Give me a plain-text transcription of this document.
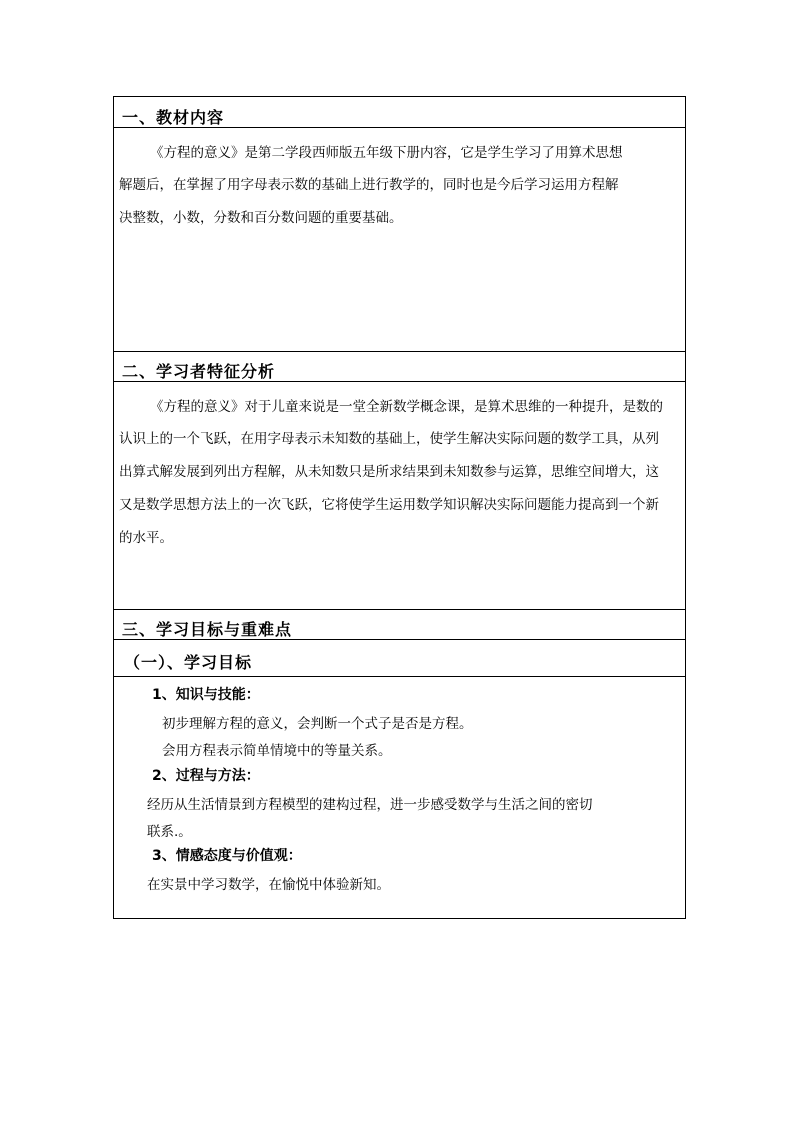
一、教材内容
《方程的意义》是第二学段西师版五年级下册内容，它是学生学习了用算术思想
解题后，在掌握了用字母表示数的基础上进行教学的，同时也是今后学习运用方程解
决整数，小数，分数和百分数问题的重要基础。
二、学习者特征分析
《方程的意义》对于儿童来说是一堂全新数学概念课，是算术思维的一种提升，是数的
认识上的一个飞跃，在用字母表示未知数的基础上，使学生解决实际问题的数学工具，从列
出算式解发展到列出方程解，从未知数只是所求结果到未知数参与运算，思维空间增大，这
又是数学思想方法上的一次飞跃，它将使学生运用数学知识解决实际问题能力提高到一个新
的水平。
三、学习目标与重难点
（一）、学习目标
1、知识与技能：
初步理解方程的意义，会判断一个式子是否是方程。
会用方程表示简单情境中的等量关系。
2、过程与方法：
经历从生活情景到方程模型的建构过程，进一步感受数学与生活之间的密切
联系.。
3、情感态度与价值观：
在实景中学习数学，在愉悦中体验新知。
